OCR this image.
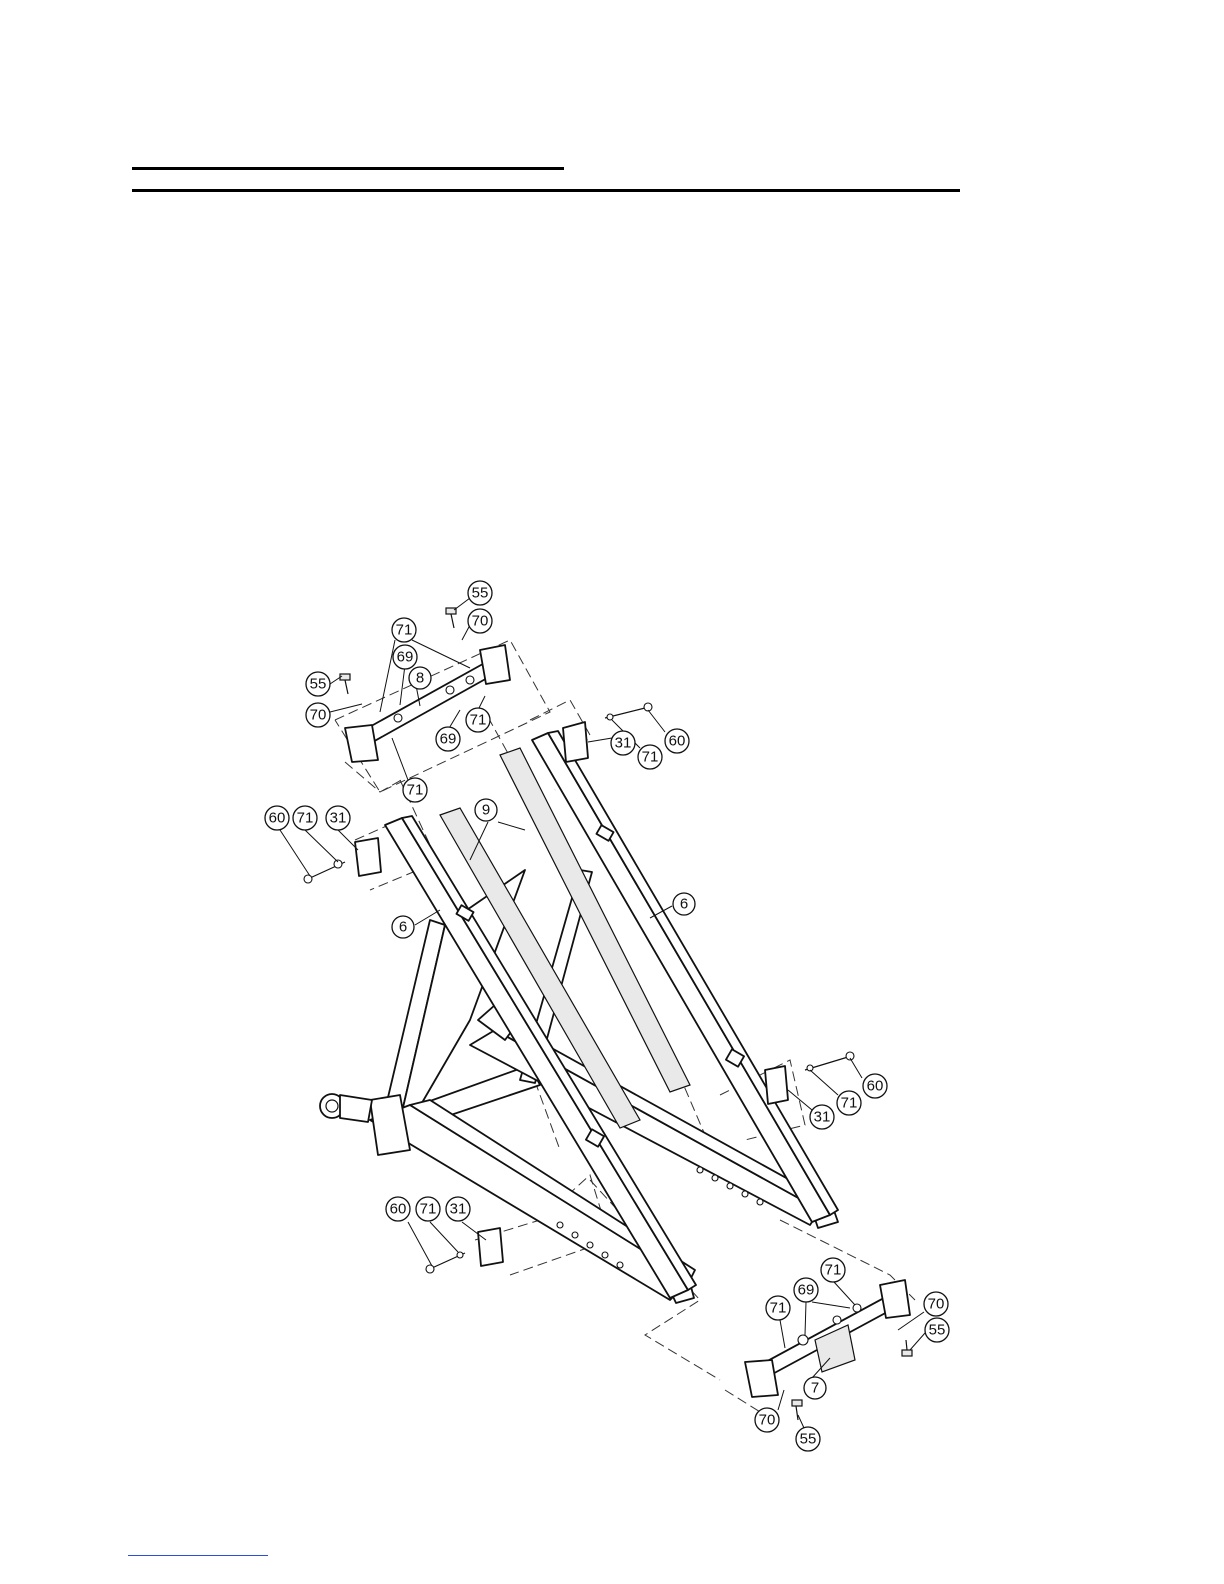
55
70
71
69
8
55
70
71
69
71
31
71
60
60 71 31	9
6
6
60
71
31
60 71 31
71
69
71
70
55
7
70
55
